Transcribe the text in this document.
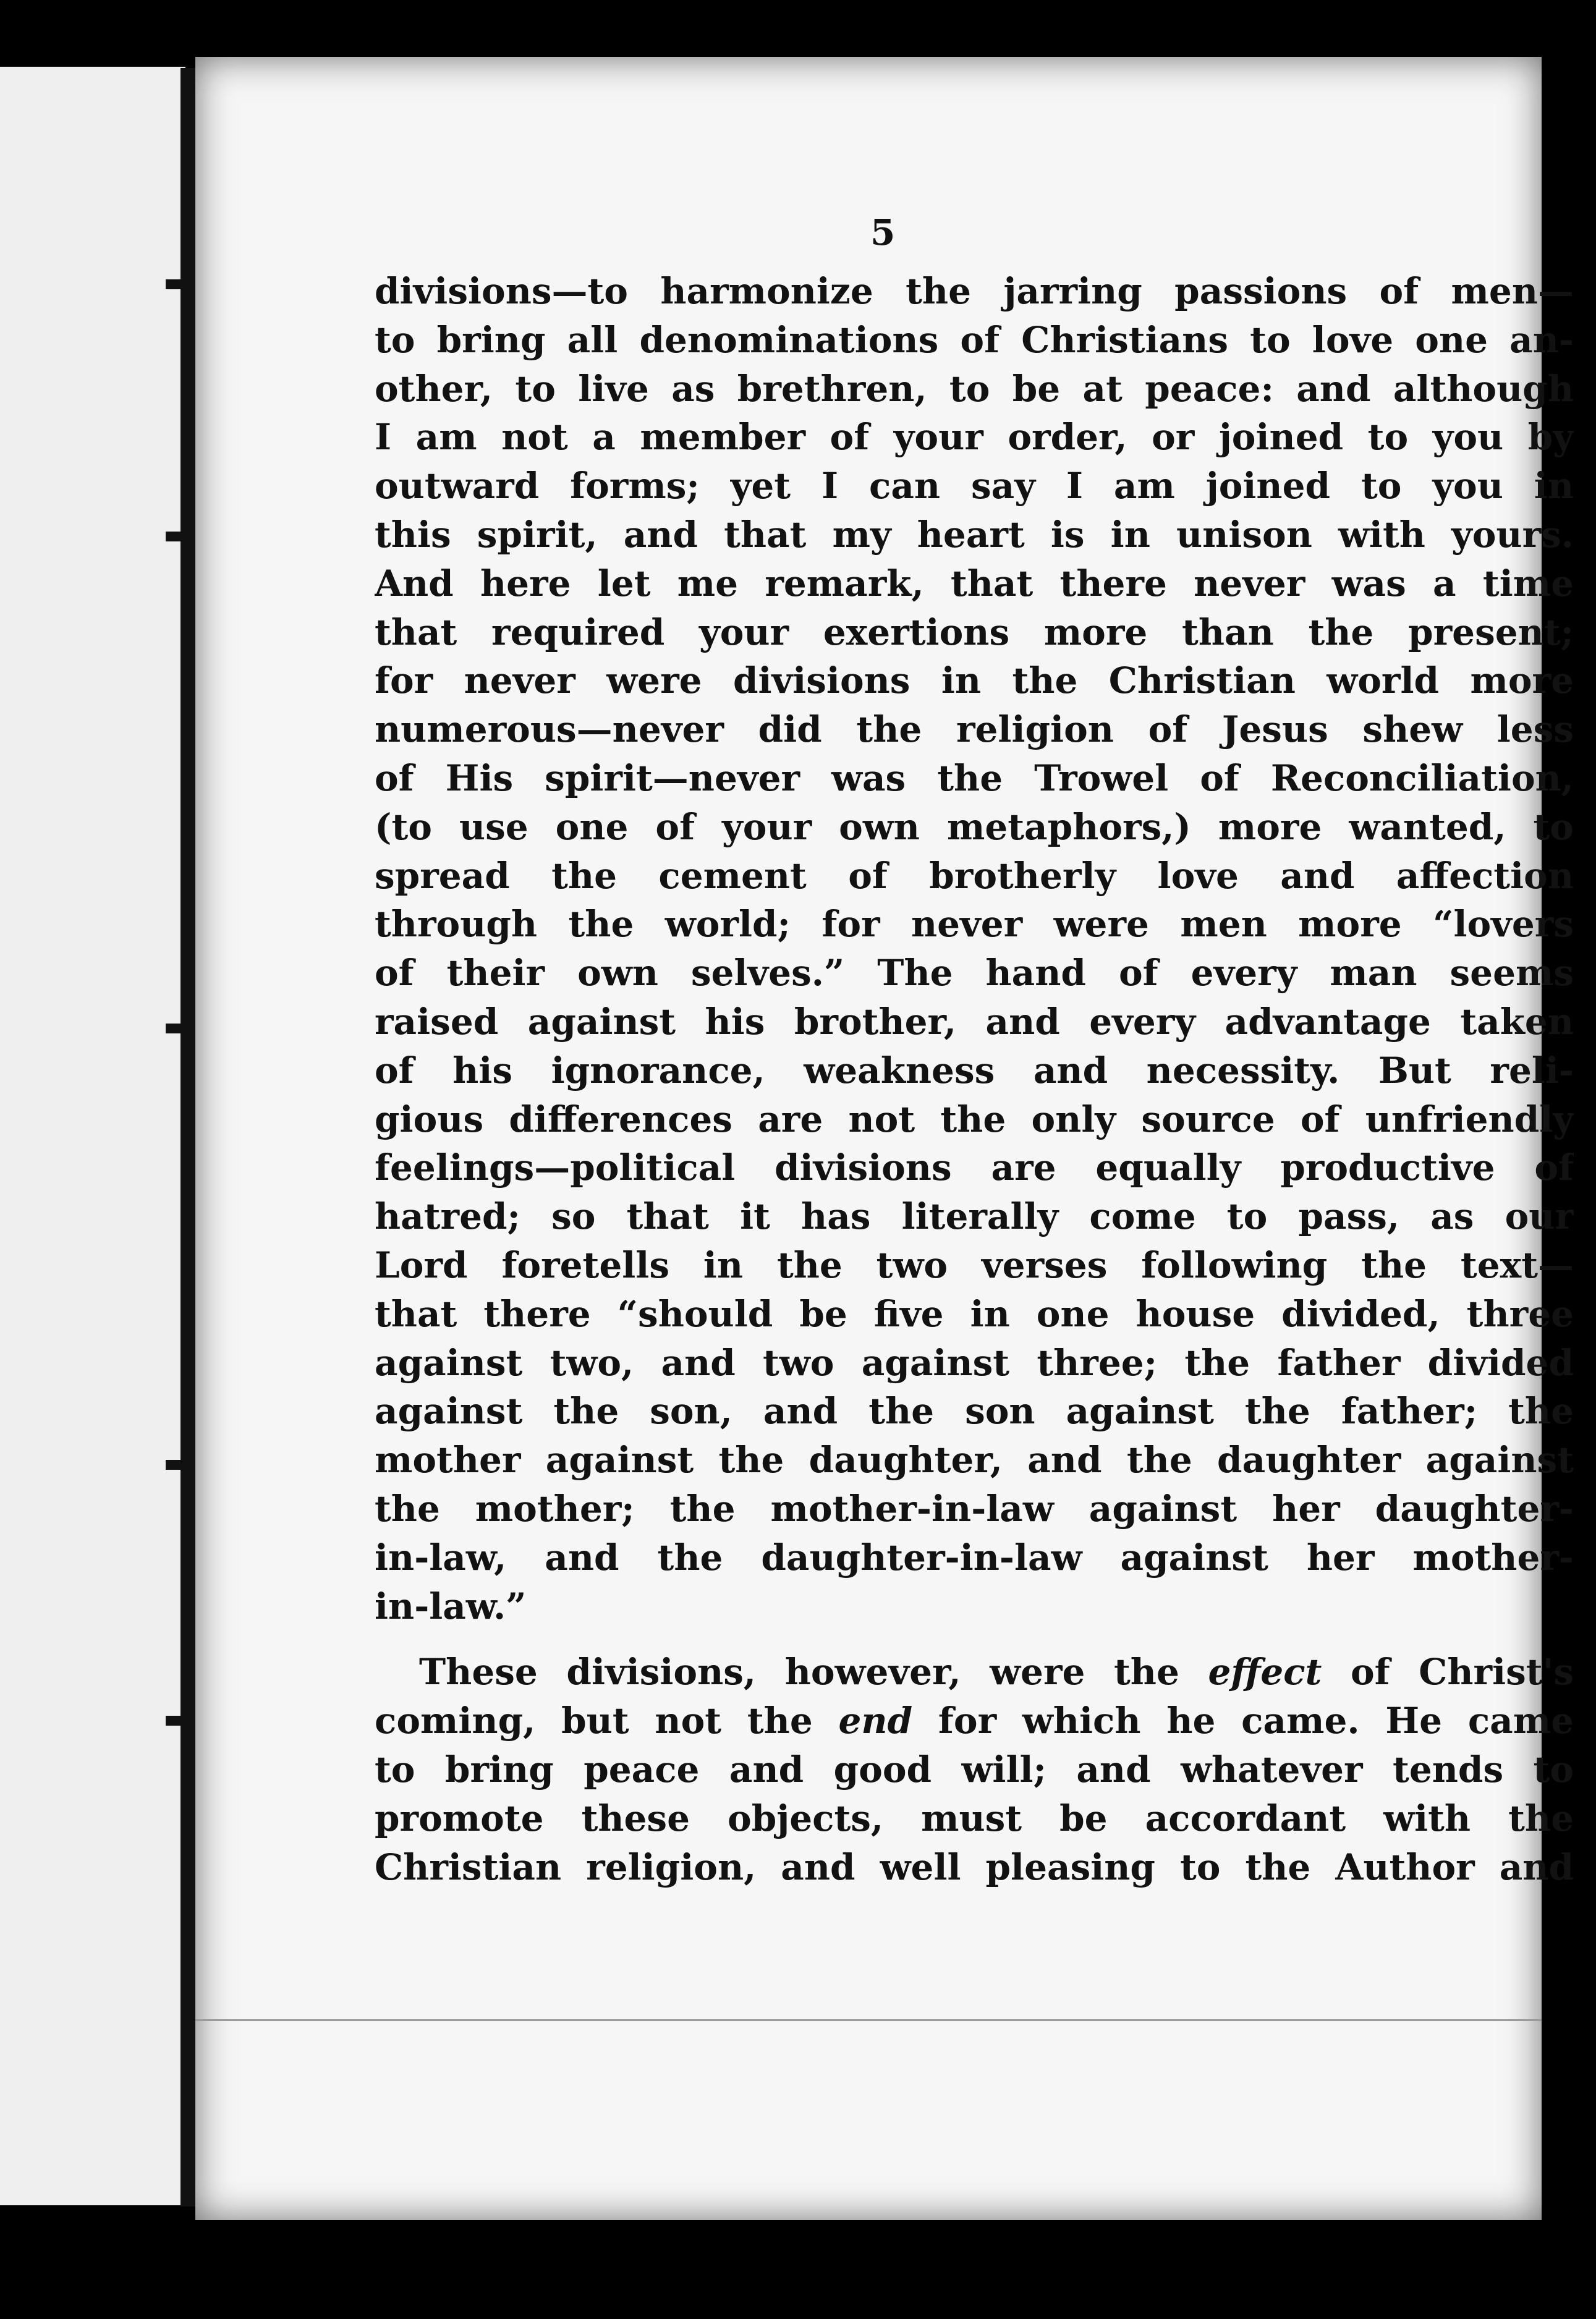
5
divisions—to harmonize the jarring passions of men—
to bring all denominations of Christians to love one an-
other, to live as brethren, to be at peace: and although
I am not a member of your order, or joined to you by
outward forms; yet I can say I am joined to you in
this spirit, and that my heart is in unison with yours.
And here let me remark, that there never was a time
that required your exertions more than the present;
for never were divisions in the Christian world more
numerous—never did the religion of Jesus shew less
of His spirit—never was the Trowel of Reconciliation,
(to use one of your own metaphors,) more wanted, to
spread the cement of brotherly love and affection
through the world; for never were men more “lovers
of their own selves.” The hand of every man seems
raised against his brother, and every advantage taken
of his ignorance, weakness and necessity. But reli-
gious differences are not the only source of unfriendly
feelings—political divisions are equally productive of
hatred; so that it has literally come to pass, as our
Lord foretells in the two verses following the text—
that there “should be five in one house divided, three
against two, and two against three; the father divided
against the son, and the son against the father; the
mother against the daughter, and the daughter against
the mother; the mother-in-law against her daughter-
in-law, and the daughter-in-law against her mother-
in-law.”
These divisions, however, were the effect of Christ's
coming, but not the end for which he came. He came
to bring peace and good will; and whatever tends to
promote these objects, must be accordant with the
Christian religion, and well pleasing to the Author and
